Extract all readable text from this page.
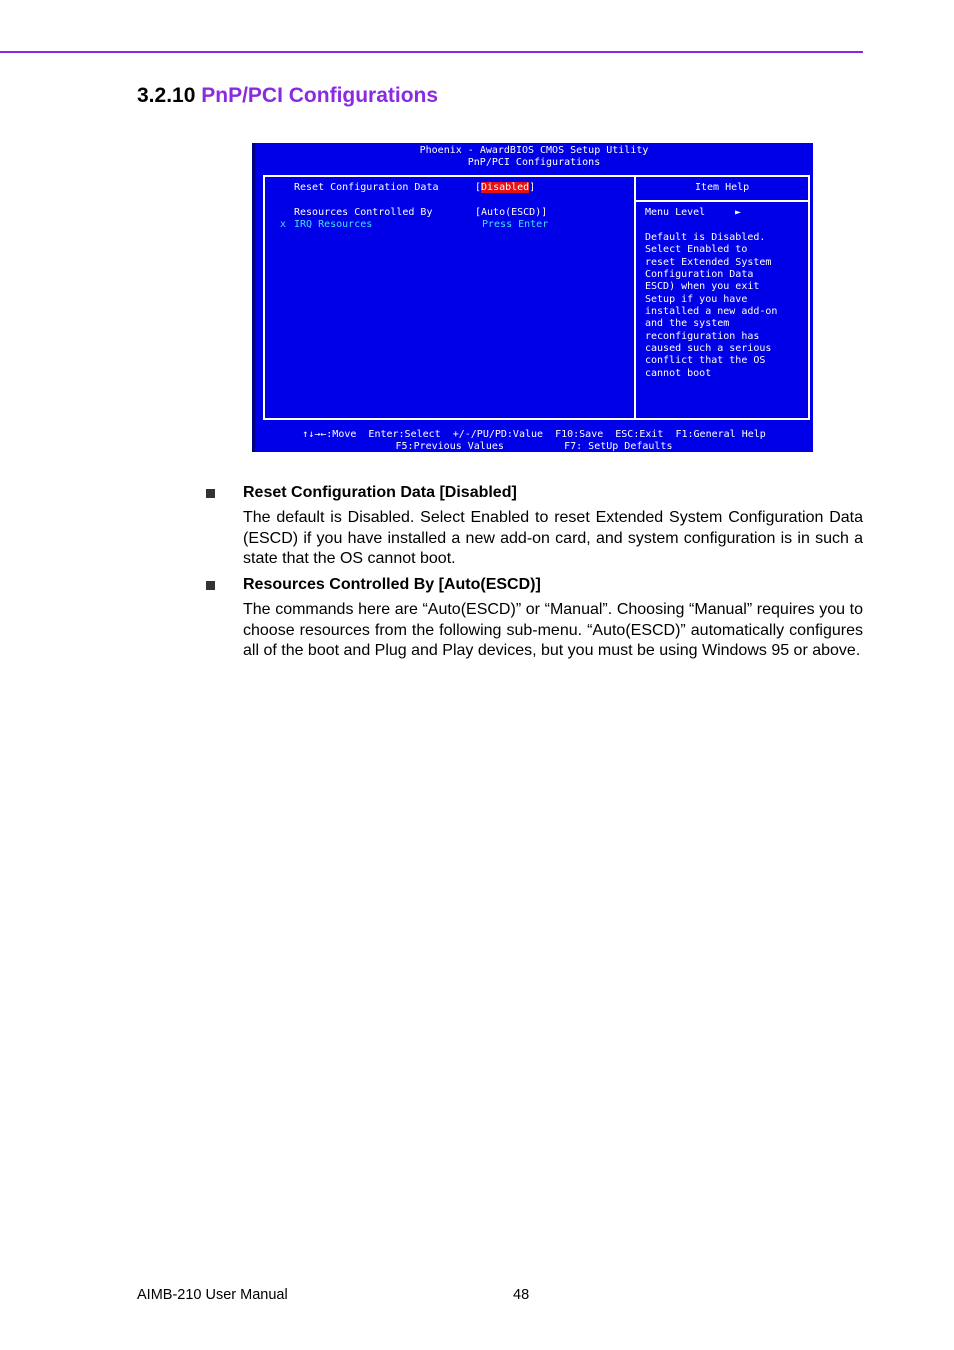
3.2.10 PnP/PCI Configurations
Phoenix - AwardBIOS CMOS Setup Utility
PnP/PCI Configurations
Reset Configuration Data	[Disabled]
Resources Controlled By	[Auto(ESCD)]
x IRQ Resources	Press Enter
Item Help
Menu Level	►
Default is Disabled.
Select Enabled to
reset Extended System
Configuration Data
ESCD) when you exit
Setup if you have
installed a new add-on
and the system
reconfiguration has
caused such a serious
conflict that the OS
cannot boot
↑↓→←:Move  Enter:Select  +/-/PU/PD:Value  F10:Save  ESC:Exit  F1:General Help
F5:Previous Values          F7: SetUp Defaults
Reset Configuration Data [Disabled]
The default is Disabled. Select Enabled to reset Extended System Configuration Data (ESCD) if you have installed a new add-on card, and system configuration is in such a state that the OS cannot boot.
Resources Controlled By [Auto(ESCD)]
The commands here are “Auto(ESCD)” or “Manual”. Choosing “Manual” requires you to choose resources from the following sub-menu. “Auto(ESCD)” automatically configures all of the boot and Plug and Play devices, but you must be using Windows 95 or above.
AIMB-210 User Manual	48
